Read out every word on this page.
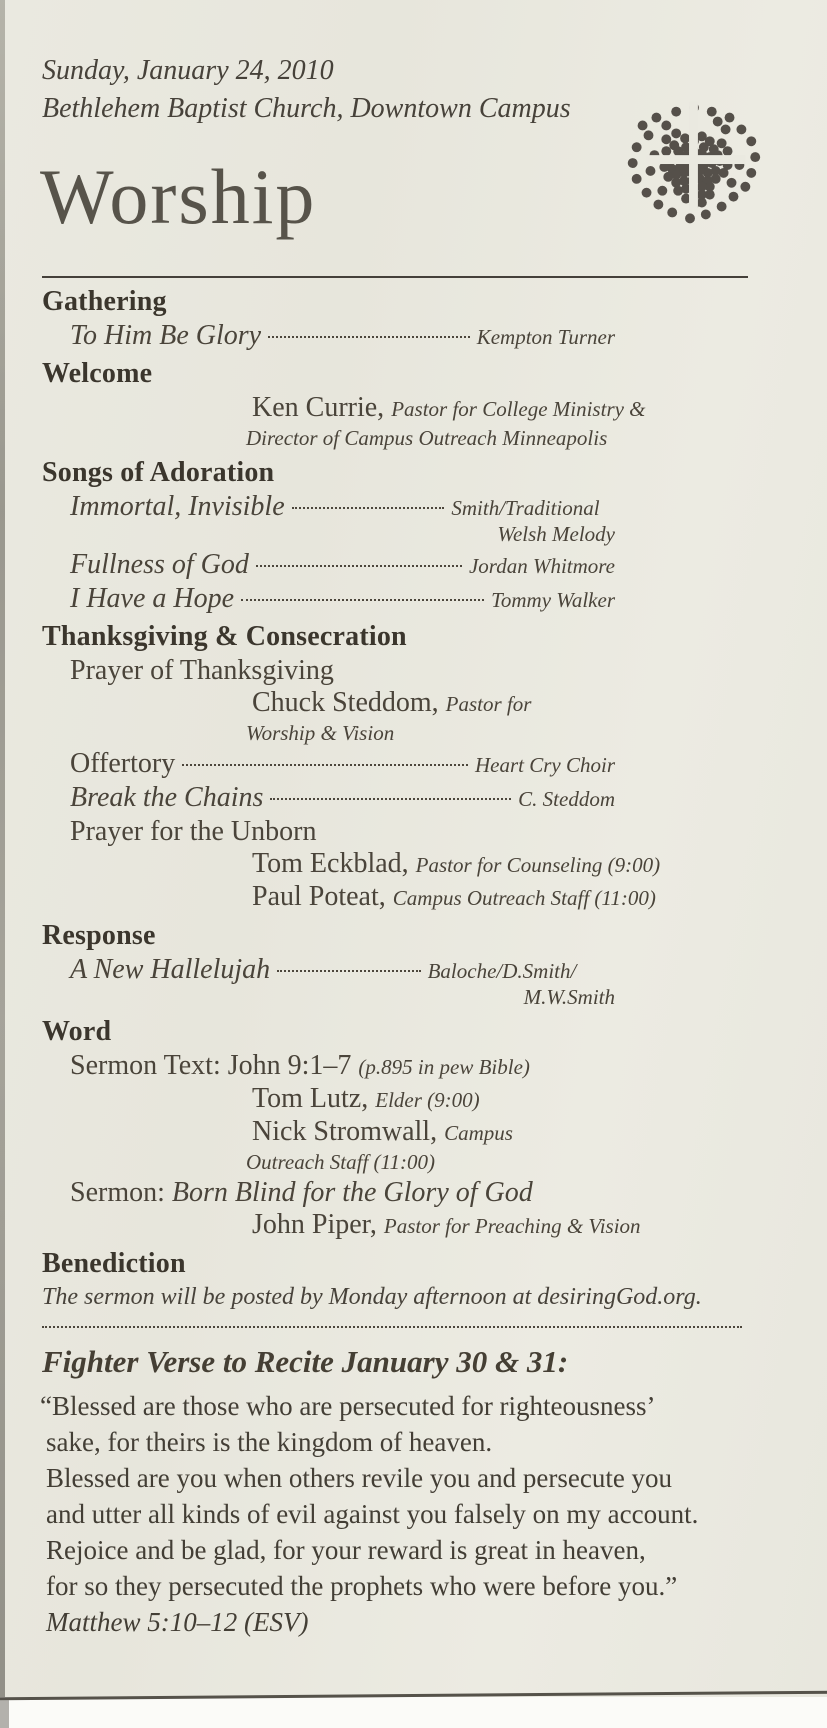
Sunday, January 24, 2010
Bethlehem Baptist Church, Downtown Campus
Worship
Gathering
To Him Be Glory	Kempton Turner
Welcome
Ken Currie, Pastor for College Ministry &
Director of Campus Outreach Minneapolis
Songs of Adoration
Immortal, Invisible	Smith/Traditional
Welsh Melody
Fullness of God	Jordan Whitmore
I Have a Hope	Tommy Walker
Thanksgiving & Consecration
Prayer of Thanksgiving
Chuck Steddom, Pastor for
Worship & Vision
Offertory	Heart Cry Choir
Break the Chains	C. Steddom
Prayer for the Unborn
Tom Eckblad, Pastor for Counseling (9:00)
Paul Poteat, Campus Outreach Staff (11:00)
Response
A New Hallelujah	Baloche/D.Smith/
M.W.Smith
Word
Sermon Text: John 9:1–7 (p.895 in pew Bible)
Tom Lutz, Elder (9:00)
Nick Stromwall, Campus
Outreach Staff (11:00)
Sermon: Born Blind for the Glory of God
John Piper, Pastor for Preaching & Vision
Benediction
The sermon will be posted by Monday afternoon at desiringGod.org.
Fighter Verse to Recite January 30 & 31:
“Blessed are those who are persecuted for righteousness’
sake, for theirs is the kingdom of heaven.
Blessed are you when others revile you and persecute you
and utter all kinds of evil against you falsely on my account.
Rejoice and be glad, for your reward is great in heaven,
for so they persecuted the prophets who were before you.”
Matthew 5:10–12 (ESV)
